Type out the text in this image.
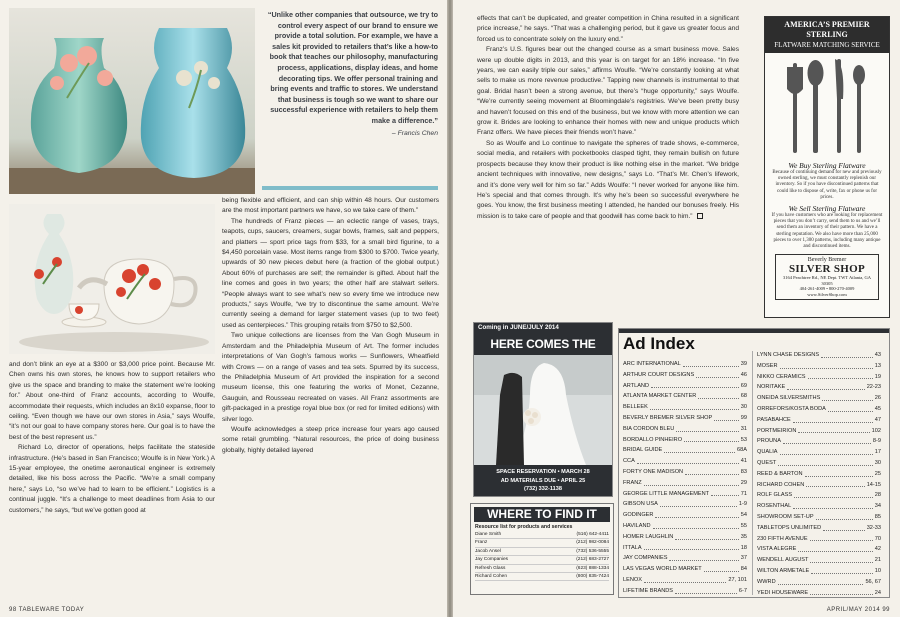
“Unlike other companies that outsource, we try to control every aspect of our brand to ensure we provide a total solution. For example, we have a sales kit provided to retailers that’s like a how-to book that teaches our philosophy, manufacturing process, applications, display ideas, and home decorating tips. We offer personal training and bring events and traffic to stores. We understand that business is tough so we want to share our successful experience with retailers to help them make a difference.”

– Francis Chen

and don’t blink an eye at a $300 or $3,000 price point. Because Mr. Chen owns his own stores, he knows how to support retailers who give us the space and branding to make the statement we’re looking for.” About one-third of Franz accounts, according to Woulfe, accommodate their requests, which includes an 8x10 expanse, floor to ceiling. “Even though we have our own stores in Asia,” says Woulfe, “it’s not our goal to have company stores here. Our goal is to have the best of the best represent us.”

Richard Lo, director of operations, helps facilitate the stateside infrastructure. (He’s based in San Francisco; Woulfe is in New York.) A 15-year employee, the onetime aeronautical engineer is extremely detailed, like his boss across the Pacific. “We’re a small company here,” says Lo, “so we’ve had to learn to be efficient.” Logistics is a continual juggle. “It’s a challenge to meet deadlines from Asia to our customers,” he says, “but we’ve gotten good at

being flexible and efficient, and can ship within 48 hours. Our customers are the most important partners we have, so we take care of them.”

The hundreds of Franz pieces — an eclectic range of vases, trays, teapots, cups, saucers, creamers, sugar bowls, frames, salt and peppers, and platters — sport price tags from $33, for a small bird figurine, to a $4,450 porcelain vase. Most items range from $300 to $700. Twice yearly, upwards of 30 new pieces debut here (a fraction of the global output.) About 60% of purchases are self; the remainder is gifted. About half the line comes and goes in two years; the other half are stalwart sellers. “People always want to see what’s new so every time we introduce new products,” says Woulfe, “we try to discontinue the same amount. We’re currently seeing a demand for larger statement vases (up to two feet) used as centerpieces.” This grouping retails from $750 to $2,500.

Two unique collections are licenses from the Van Gogh Museum in Amsterdam and the Philadelphia Museum of Art. The former includes interpretations of Van Gogh’s famous works — Sunflowers, Wheatfield with Crows — on a range of vases and tea sets. Spurred by its success, the Philadelphia Museum of Art provided the inspiration for a second museum license, this one featuring the works of Monet, Cezanne, Gauguin, and Rousseau recreated on vases. All Franz assortments are gift-packaged in a prestige royal blue box (or red for limited editions) with silver logo.

Woulfe acknowledges a steep price increase four years ago caused some retail grumbling. “Natural resources, the price of doing business globally, highly detailed layered

98 TABLEWARE TODAY	APRIL/MAY 2014 99

effects that can’t be duplicated, and greater competition in China resulted in a significant price increase,” he says. “That was a challenging period, but it gave us greater focus and forced us to concentrate solely on the luxury end.”

Franz’s U.S. figures bear out the changed course as a smart business move. Sales were up double digits in 2013, and this year is on target for an 18% increase. “In five years, we can easily triple our sales,” affirms Woulfe. “We’re constantly looking at what sells to make us more revenue productive.” Tapping new channels is instrumental to that goal. Bridal hasn’t been a strong avenue, but there’s “huge opportunity,” says Woulfe. “We’re currently seeing movement at Bloomingdale’s registries. We’ve been pretty busy and haven’t focused on this end of the business, but we know with more attention we can grow it. Brides are looking to enhance their homes with new and unique products which Franz offers. We have pieces their friends won’t have.”

So as Woulfe and Lo continue to navigate the spheres of trade shows, e-commerce, social media, and retailers with pocketbooks clasped tight, they remain bullish on future prospects because they know their product is like nothing else in the market. “We bridge ancient techniques with innovative, new designs,” says Lo. “That’s Mr. Chen’s lifework, and it’s done very well for him so far.” Adds Woulfe: “I never worked for anyone like him. He’s special and that comes through. It’s why he’s been so successful everywhere he goes. You know, the first business meeting I attended, he handed our bonuses freely. His mission is to take care of people and that goodwill has come back to him.”

AMERICA’S PREMIER STERLING
FLATWARE MATCHING SERVICE
We Buy Sterling Flatware
Because of continuing demand for new and previously owned sterling, we must constantly replenish our inventory. So if you have discontinued patterns that could like to dispose of, write, fax or phone us for prices.
We Sell Sterling Flatware
If you have customers who are looking for replacement pieces that you don’t carry, send them to us and we’ll send them an inventory of their pattern. We have a sterling reputation. We also have more than 25,000 pieces to over 1,300 patterns, including many antique and discontinued items.
Beverly Bremer
SILVER SHOP
3164 Peachtree Rd., NE Dept. TWT Atlanta, GA 30305
404-261-4009 • 800-270-4009
www.SilverShop.com
Coming in JUNE/JULY 2014
HERE COMES THE
SPACE RESERVATION • MARCH 28
AD MATERIALS DUE • APRIL 25
(732) 332-1138
WHERE TO FIND IT
Resource list for products and services
Diane Smith	(516) 642-4411
Franz	(212) 982-0084
Jacob Ansel	(732) 536-5555
Jay Companies	(212) 683-2727
Refresh Glass	(623) 888-1334
Richard Cohen	(800) 835-7424
Ad Index
ARC INTERNATIONAL	39
ARTHUR COURT DESIGNS	46
ARTLAND	69
ATLANTA MARKET CENTER	68
BELLEEK	30
BEVERLY BREMER SILVER SHOP	99
BIA CORDON BLEU	31
BORDALLO PINHEIRO	53
BRIDAL GUIDE	68A
CCA	41
FORTY ONE MADISON	83
FRANZ	29
GEORGE LITTLE MANAGEMENT	71
GIBSON USA	1-9
GODINGER	54
HAVILAND	55
HOMER LAUGHLIN	35
ITTALA	18
JAY COMPANIES	37
LAS VEGAS WORLD MARKET	84
LENOX	27, 101
LIFETIME BRANDS	6-7
LYNN CHASE DESIGNS	43
MOSER	13
NIKKO CERAMICS	19
NORITAKE	22-23
ONEIDA SILVERSMITHS	26
ORREFORS/KOSTA BODA	45
PASABAHCE	47
PORTMEIRION	102
PROUNA	8-9
QUALIA	17
QUEST	30
REED & BARTON	25
RICHARD COHEN	14-15
ROLF GLASS	28
ROSENTHAL	34
SHOWROOM SET-UP	85
TABLETOPS UNLIMITED	32-33
230 FIFTH AVENUE	70
VISTA ALEGRE	42
WENDELL AUGUST	21
WILTON ARMETALE	10
WWRD	56, 67
YEDI HOUSEWARE	24
